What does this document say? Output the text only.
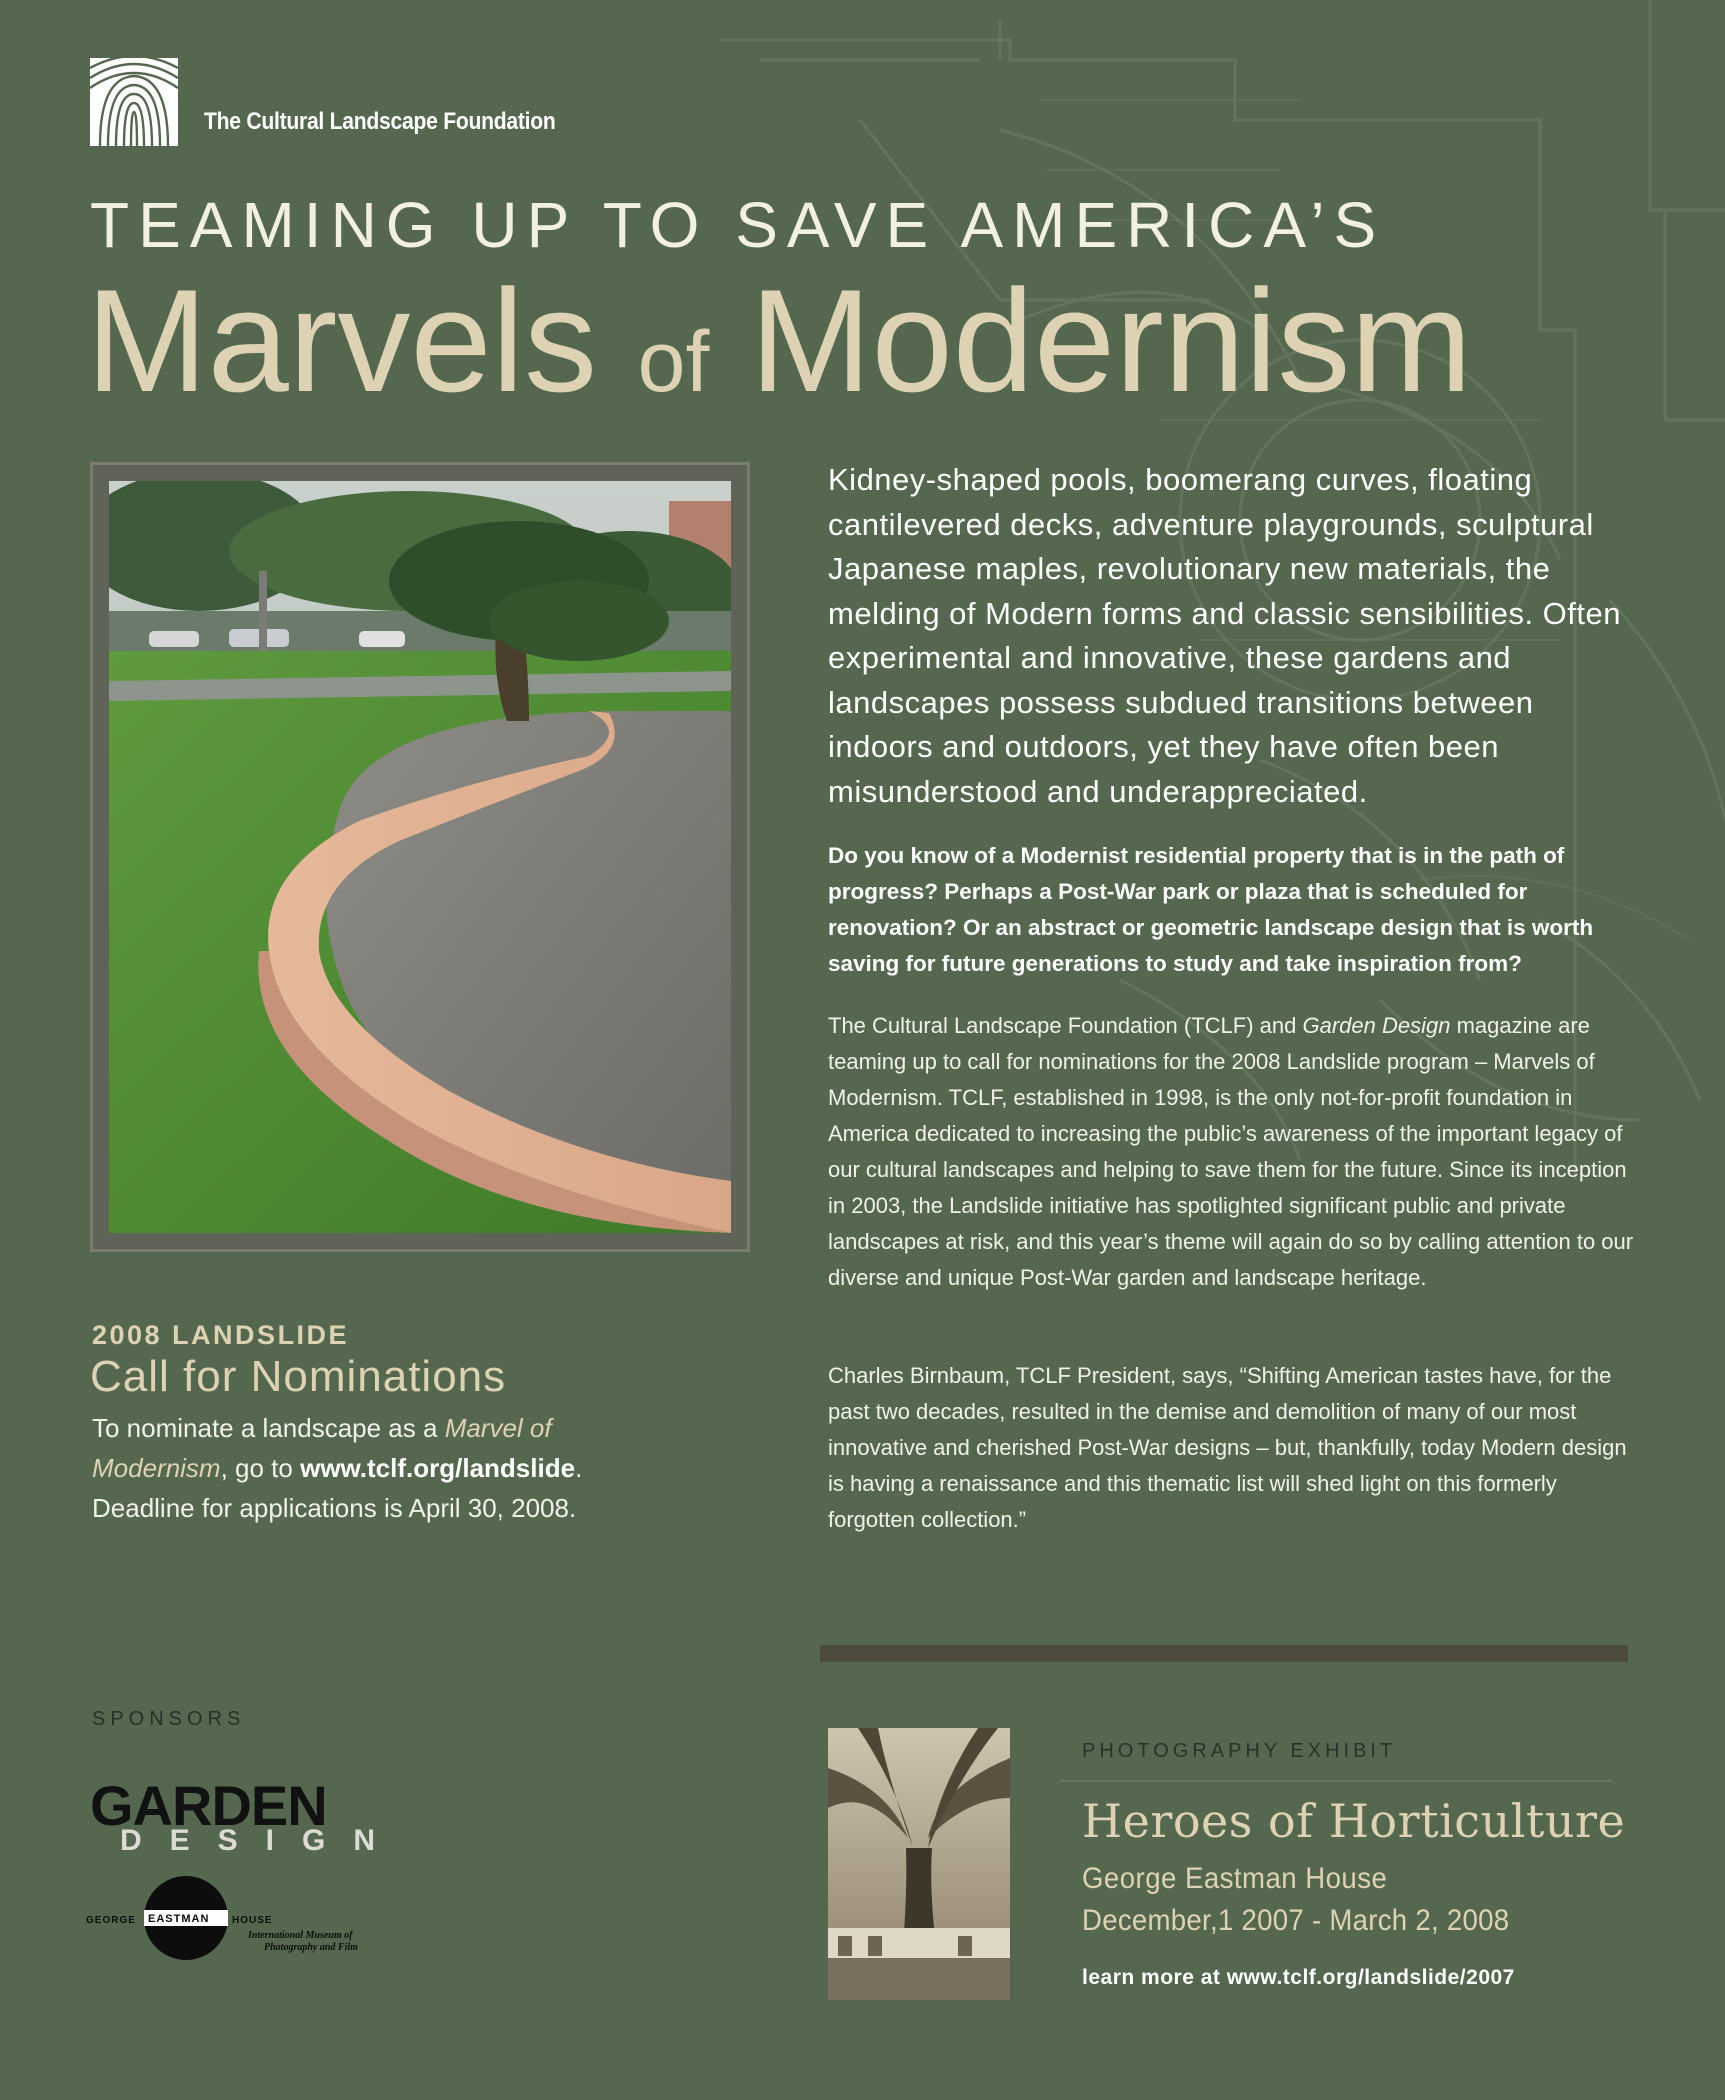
The Cultural Landscape Foundation
TEAMING UP TO SAVE AMERICA’S
Marvels of Modernism
Kidney-shaped pools, boomerang curves, floating cantilevered decks, adventure playgrounds, sculptural Japanese maples, revolutionary new materials, the melding of Modern forms and classic sensibilities. Often experimental and innovative, these gardens and landscapes possess subdued transitions between indoors and outdoors, yet they have often been misunderstood and underappreciated.
Do you know of a Modernist residential property that is in the path of progress? Perhaps a Post-War park or plaza that is scheduled for renovation? Or an abstract or geometric landscape design that is worth saving for future generations to study and take inspiration from?
The Cultural Landscape Foundation (TCLF) and Garden Design magazine are teaming up to call for nominations for the 2008 Landslide program – Marvels of Modernism. TCLF, established in 1998, is the only not-for-profit foundation in America dedicated to increasing the public’s awareness of the important legacy of our cultural landscapes and helping to save them for the future. Since its inception in 2003, the Landslide initiative has spotlighted significant public and private landscapes at risk, and this year’s theme will again do so by calling attention to our diverse and unique Post-War garden and landscape heritage.
Charles Birnbaum, TCLF President, says, “Shifting American tastes have, for the past two decades, resulted in the demise and demolition of many of our most innovative and cherished Post-War designs – but, thankfully, today Modern design is having a renaissance and this thematic list will shed light on this formerly forgotten collection.”
2008 LANDSLIDE
Call for Nominations
To nominate a landscape as a Marvel of Modernism, go to www.tclf.org/landslide.
Deadline for applications is April 30, 2008.
SPONSORS
GARDEN
DESIGN
GEORGE EASTMAN HOUSE
International Museum of
Photography and Film
PHOTOGRAPHY EXHIBIT
Heroes of Horticulture
George Eastman House
December,1 2007 - March 2, 2008
learn more at www.tclf.org/landslide/2007
